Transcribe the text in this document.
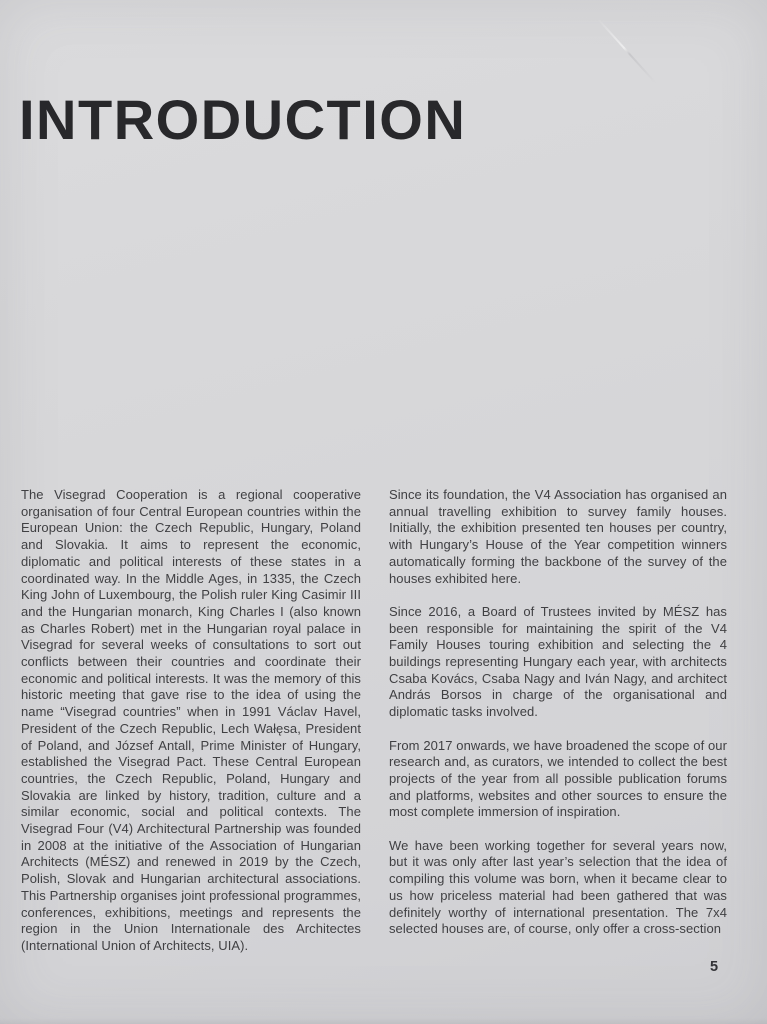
INTRODUCTION

The Visegrad Cooperation is a regional cooperative organisation of four Central European countries within the European Union: the Czech Republic, Hungary, Poland and Slovakia. It aims to represent the economic, diplomatic and political interests of these states in a coordinated way. In the Middle Ages, in 1335, the Czech King John of Luxembourg, the Polish ruler King Casimir III and the Hungarian monarch, King Charles I (also known as Charles Robert) met in the Hungarian royal palace in Visegrad for several weeks of consultations to sort out conflicts between their countries and coordinate their economic and political interests. It was the memory of this historic meeting that gave rise to the idea of using the name “Visegrad countries” when in 1991 Václav Havel, President of the Czech Republic, Lech Wałęsa, President of Poland, and József Antall, Prime Minister of Hungary, established the Visegrad Pact. These Central European countries, the Czech Republic, Poland, Hungary and Slovakia are linked by history, tradition, culture and a similar economic, social and political contexts. The Visegrad Four (V4) Architectural Partnership was founded in 2008 at the initiative of the Association of Hungarian Architects (MÉSZ) and renewed in 2019 by the Czech, Polish, Slovak and Hungarian architectural associations. This Partnership organises joint professional programmes, conferences, exhibitions, meetings and represents the region in the Union Internationale des Architectes (International Union of Architects, UIA).

Since its foundation, the V4 Association has organised an annual travelling exhibition to survey family houses. Initially, the exhibition presented ten houses per country, with Hungary’s House of the Year competition winners automatically forming the backbone of the survey of the houses exhibited here.

Since 2016, a Board of Trustees invited by MÉSZ has been responsible for maintaining the spirit of the V4 Family Houses touring exhibition and selecting the 4 buildings representing Hungary each year, with architects Csaba Kovács, Csaba Nagy and Iván Nagy, and architect András Borsos in charge of the organisational and diplomatic tasks involved.

From 2017 onwards, we have broadened the scope of our research and, as curators, we intended to collect the best projects of the year from all possible publication forums and platforms, websites and other sources to ensure the most complete immersion of inspiration.

We have been working together for several years now, but it was only after last year’s selection that the idea of compiling this volume was born, when it became clear to us how priceless material had been gathered that was definitely worthy of international presentation. The 7x4 selected houses are, of course, only offer a cross-section

5
